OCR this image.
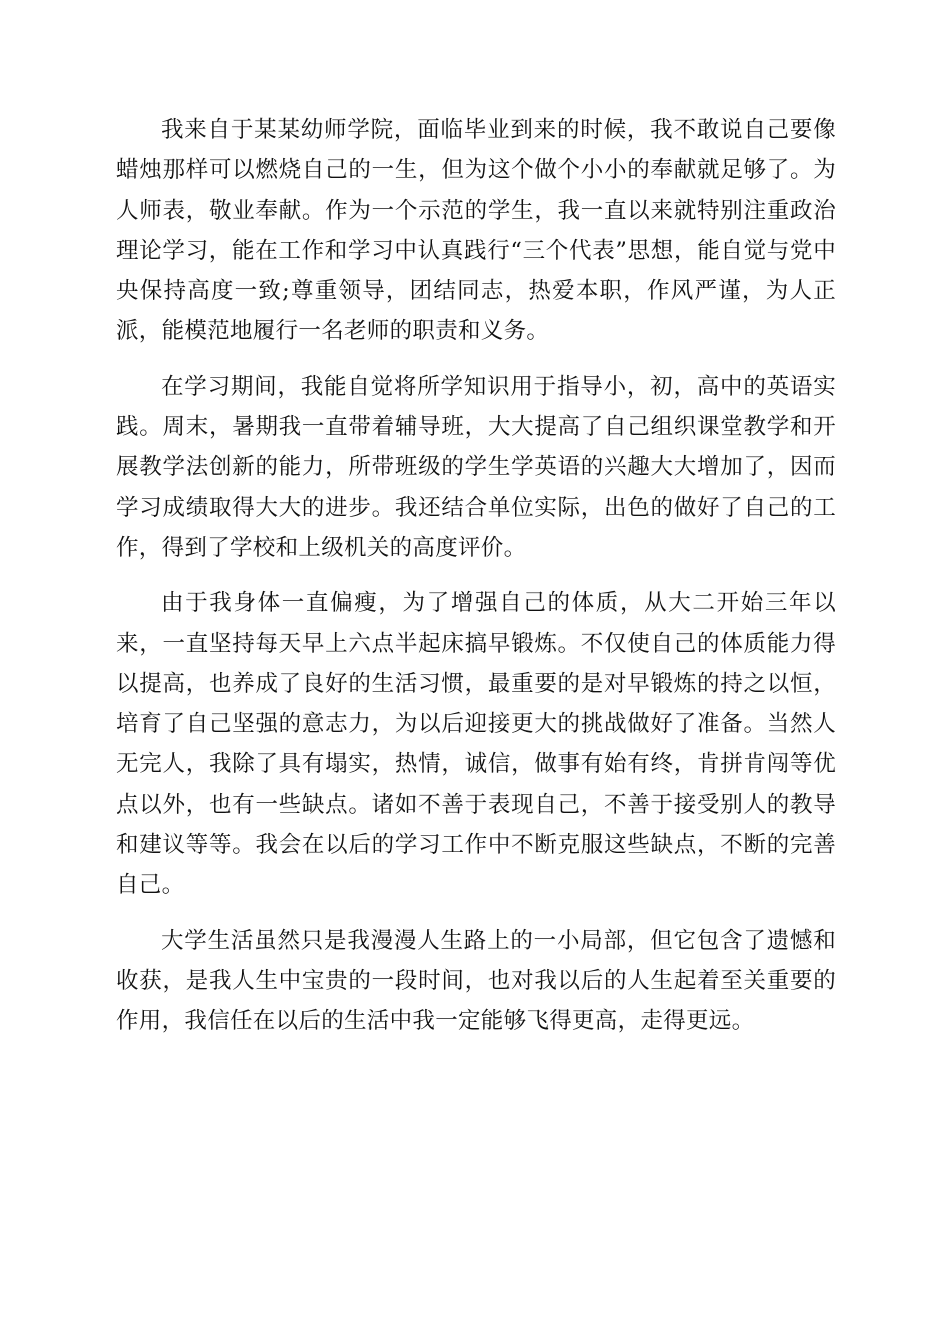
我来自于某某幼师学院，面临毕业到来的时候，我不敢说自己要像蜡烛那样可以燃烧自己的一生，但为这个做个小小的奉献就足够了。为人师表，敬业奉献。作为一个示范的学生，我一直以来就特别注重政治理论学习，能在工作和学习中认真践行“三个代表”思想，能自觉与党中央保持高度一致;尊重领导，团结同志，热爱本职，作风严谨，为人正派，能模范地履行一名老师的职责和义务。

在学习期间，我能自觉将所学知识用于指导小，初，高中的英语实践。周末，暑期我一直带着辅导班，大大提高了自己组织课堂教学和开展教学法创新的能力，所带班级的学生学英语的兴趣大大增加了，因而学习成绩取得大大的进步。我还结合单位实际，出色的做好了自己的工作，得到了学校和上级机关的高度评价。

由于我身体一直偏瘦，为了增强自己的体质，从大二开始三年以来，一直坚持每天早上六点半起床搞早锻炼。不仅使自己的体质能力得以提高，也养成了良好的生活习惯，最重要的是对早锻炼的持之以恒，培育了自己坚强的意志力，为以后迎接更大的挑战做好了准备。当然人无完人，我除了具有塌实，热情，诚信，做事有始有终，肯拼肯闯等优点以外，也有一些缺点。诸如不善于表现自己，不善于接受别人的教导和建议等等。我会在以后的学习工作中不断克服这些缺点，不断的完善自己。

大学生活虽然只是我漫漫人生路上的一小局部，但它包含了遗憾和收获，是我人生中宝贵的一段时间，也对我以后的人生起着至关重要的作用，我信任在以后的生活中我一定能够飞得更高，走得更远。
